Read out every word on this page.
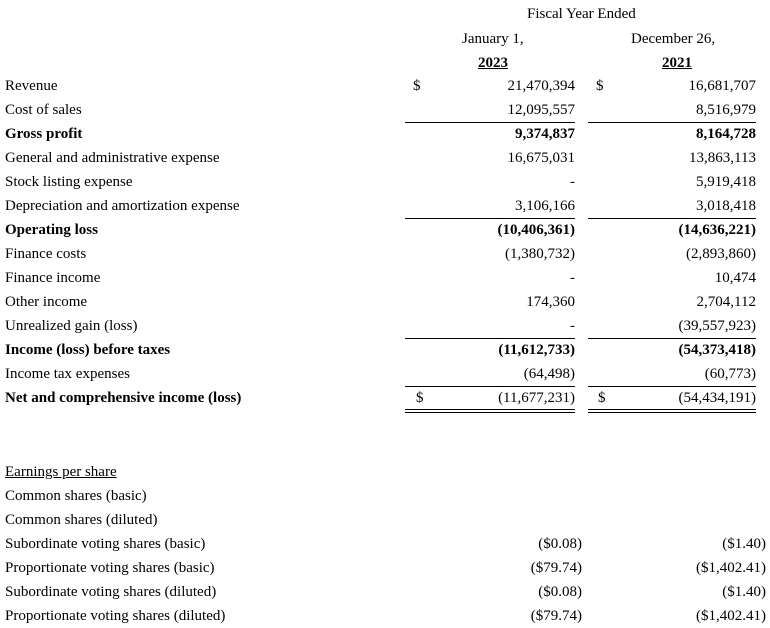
Fiscal Year Ended
January 1,	December 26,
2023	2021
Revenue	$	21,470,394 $	16,681,707
Cost of sales	12,095,557	8,516,979
Gross profit	9,374,837	8,164,728
General and administrative expense	16,675,031	13,863,113
Stock listing expense	-	5,919,418
Depreciation and amortization expense	3,106,166	3,018,418
Operating loss	(10,406,361)	(14,636,221)
Finance costs	(1,380,732)	(2,893,860)
Finance income	-	10,474
Other income	174,360	2,704,112
Unrealized gain (loss)	-	(39,557,923)
Income (loss) before taxes	(11,612,733)	(54,373,418)
Income tax expenses	(64,498)	(60,773)
Net and comprehensive income (loss)	$	(11,677,231) $	(54,434,191)
Earnings per share
Common shares (basic)
Common shares (diluted)
Subordinate voting shares (basic)	($0.08)	($1.40)
Proportionate voting shares (basic)	($79.74)	($1,402.41)
Subordinate voting shares (diluted)	($0.08)	($1.40)
Proportionate voting shares (diluted)	($79.74)	($1,402.41)
